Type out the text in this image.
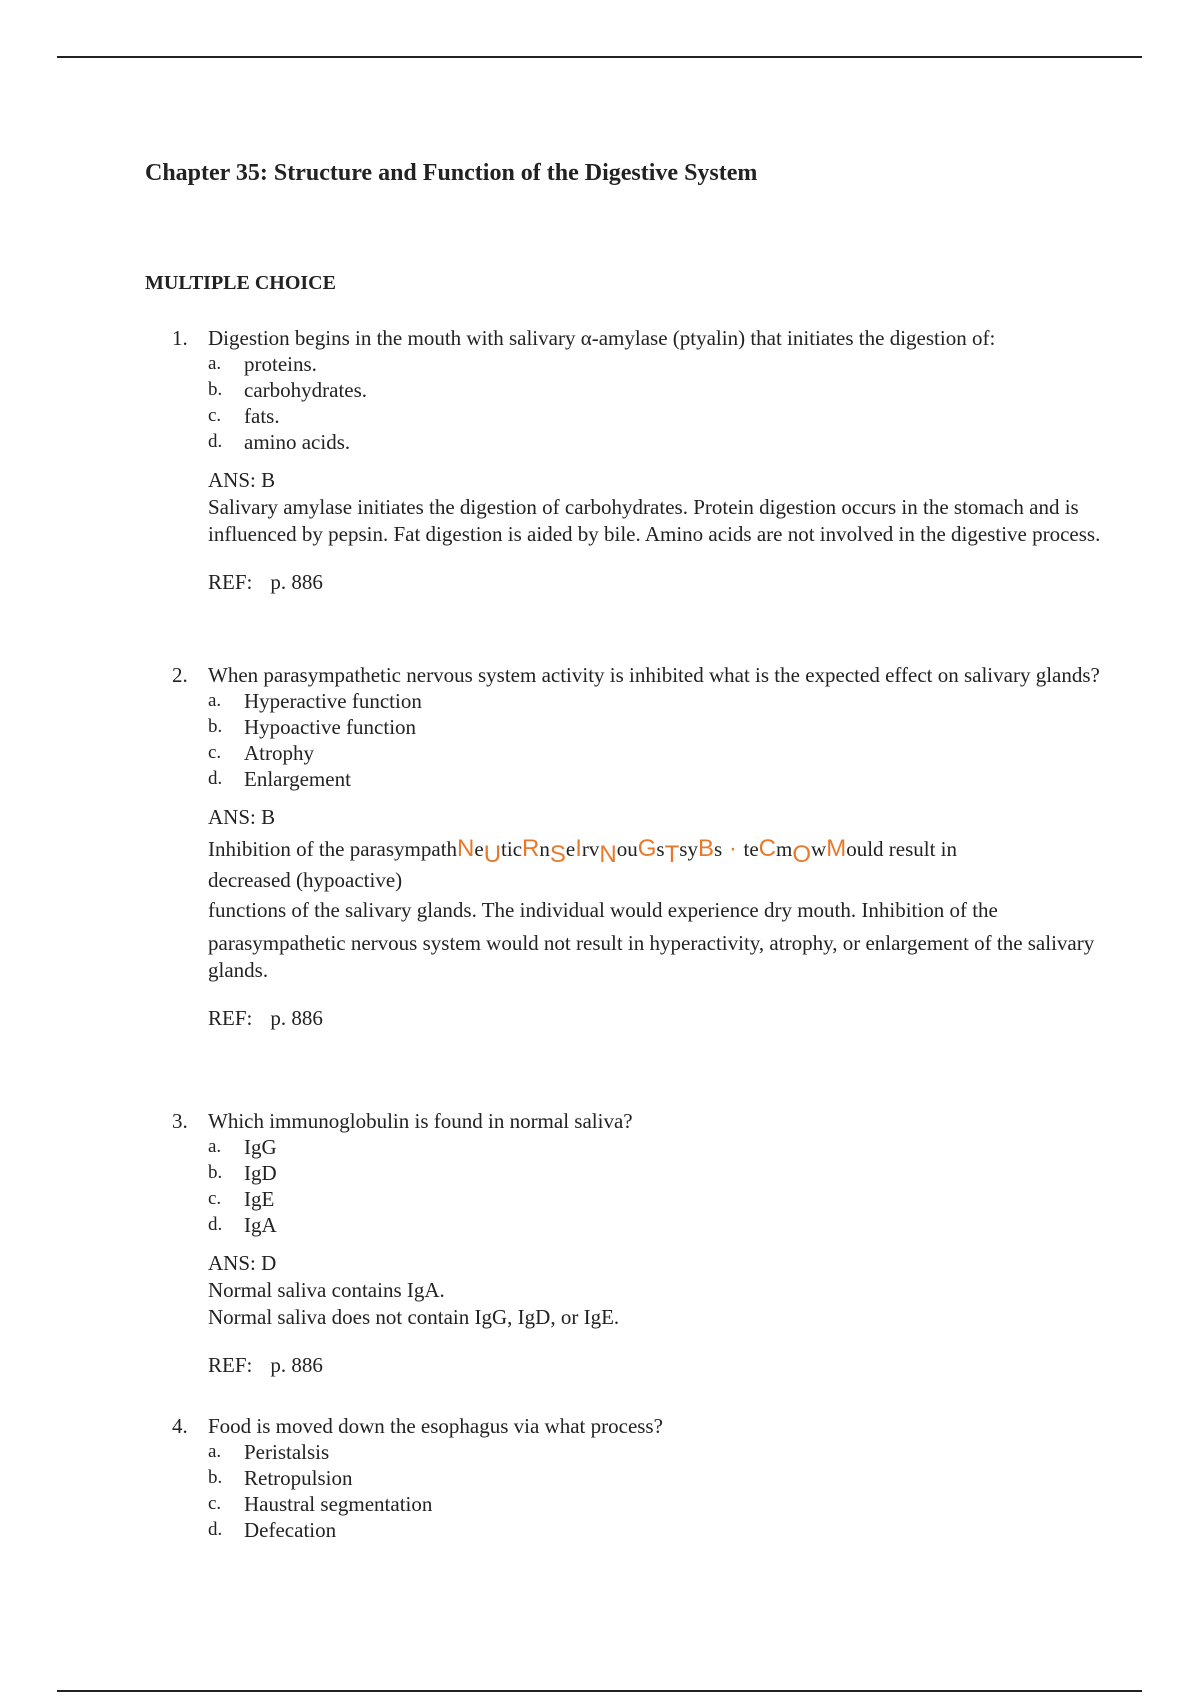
Chapter 35: Structure and Function of the Digestive System
MULTIPLE CHOICE
1. Digestion begins in the mouth with salivary α-amylase (ptyalin) that initiates the digestion of:
a.	proteins.
b.	carbohydrates.
c.	fats.
d.	amino acids.
ANS: B
Salivary amylase initiates the digestion of carbohydrates. Protein digestion occurs in the stomach and is influenced by pepsin. Fat digestion is aided by bile. Amino acids are not involved in the digestive process.
REF: p. 886
2. When parasympathetic nervous system activity is inhibited what is the expected effect on salivary glands?
a.	Hyperactive function
b.	Hypoactive function
c.	Atrophy
d.	Enlargement
ANS: B
Inhibition of the parasympathNeUticRnSeIrvNouGsTsyBs · teCmOwMould result in
decreased (hypoactive)
functions of the salivary glands. The individual would experience dry mouth. Inhibition of the
parasympathetic nervous system would not result in hyperactivity, atrophy, or enlargement of the salivary glands.
REF: p. 886
3. Which immunoglobulin is found in normal saliva?
a.	IgG
b.	IgD
c.	IgE
d.	IgA
ANS: D
Normal saliva contains IgA.
Normal saliva does not contain IgG, IgD, or IgE.
REF: p. 886
4. Food is moved down the esophagus via what process?
a.	Peristalsis
b.	Retropulsion
c.	Haustral segmentation
d.	Defecation
